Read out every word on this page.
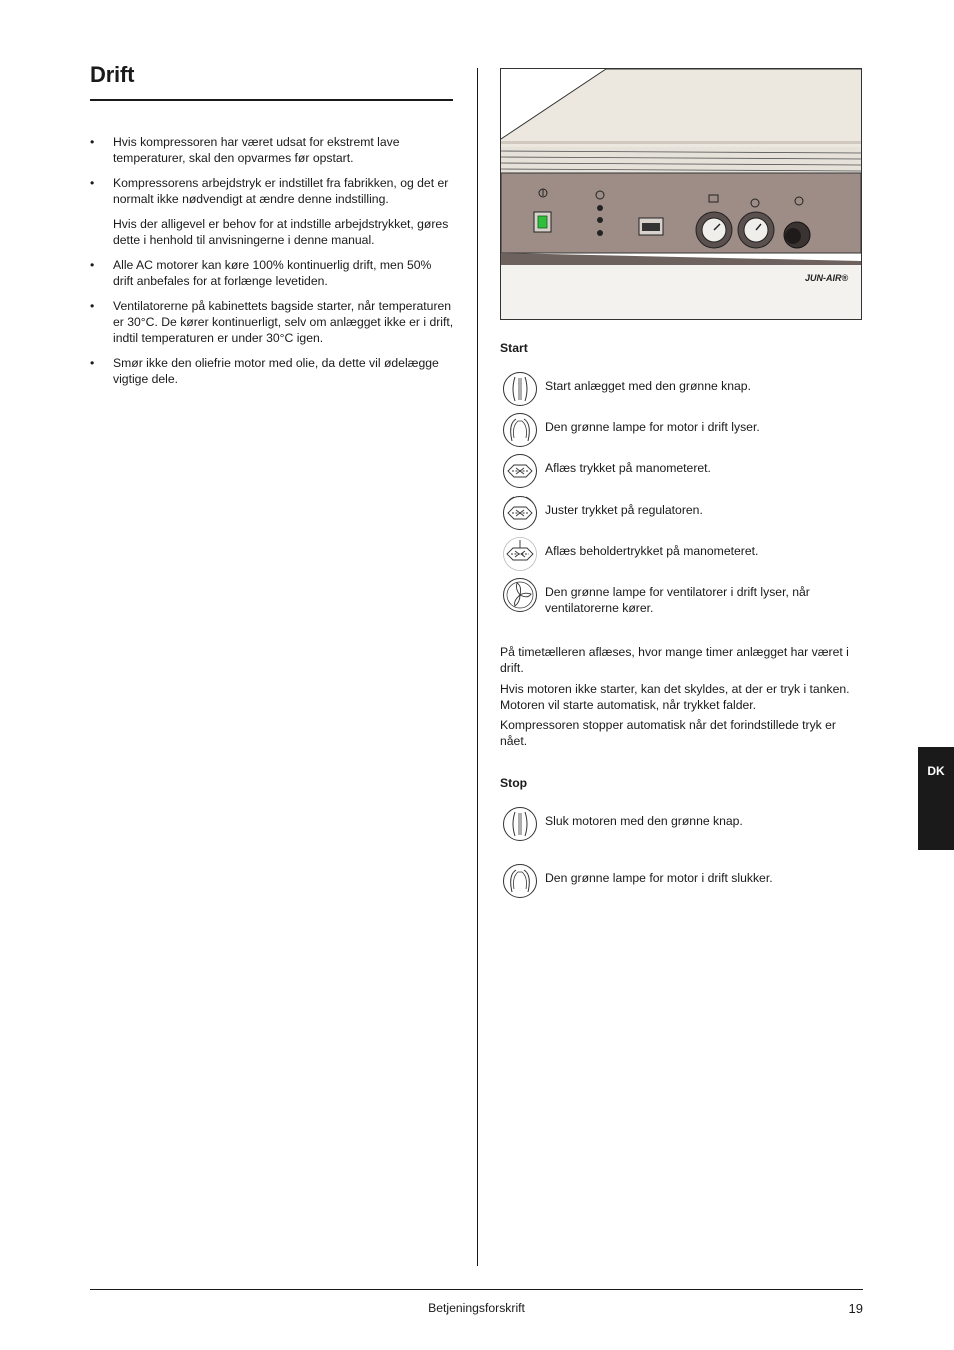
Drift
• Hvis kompressoren har været udsat for ekstremt lave temperaturer, skal den opvarmes før opstart.

• Kompressorens arbejdstryk er indstillet fra fabrikken, og det er normalt ikke nødvendigt at ændre denne indstilling.

Hvis der alligevel er behov for at indstille arbejdstrykket, gøres dette i henhold til anvisningerne i denne manual.

• Alle AC motorer kan køre 100% kontinuerlig drift, men 50% drift anbefales for at forlænge levetiden.

• Ventilatorerne på kabinettets bagside starter, når temperaturen er 30°C. De kører kontinuerligt, selv om anlægget ikke er i drift, indtil temperaturen er under 30°C igen.

• Smør ikke den oliefrie motor med olie, da dette vil ødelægge vigtige dele.

JUN-AIR®
Start
Start anlægget med den grønne knap.
Den grønne lampe for motor i drift lyser.
Aflæs trykket på manometeret.
Juster trykket på regulatoren.
Aflæs beholdertrykket på manometeret.
Den grønne lampe for ventilatorer i drift lyser, når ventilatorerne kører.

På timetælleren aflæses, hvor mange timer anlægget har været i drift.

Hvis motoren ikke starter, kan det skyldes, at der er tryk i tanken. Motoren vil starte automatisk, når trykket falder.

Kompressoren stopper automatisk når det forindstillede tryk er nået.

Stop
Sluk motoren med den grønne knap.
Den grønne lampe for motor i drift slukker.
DK
Betjeningsforskrift	19
